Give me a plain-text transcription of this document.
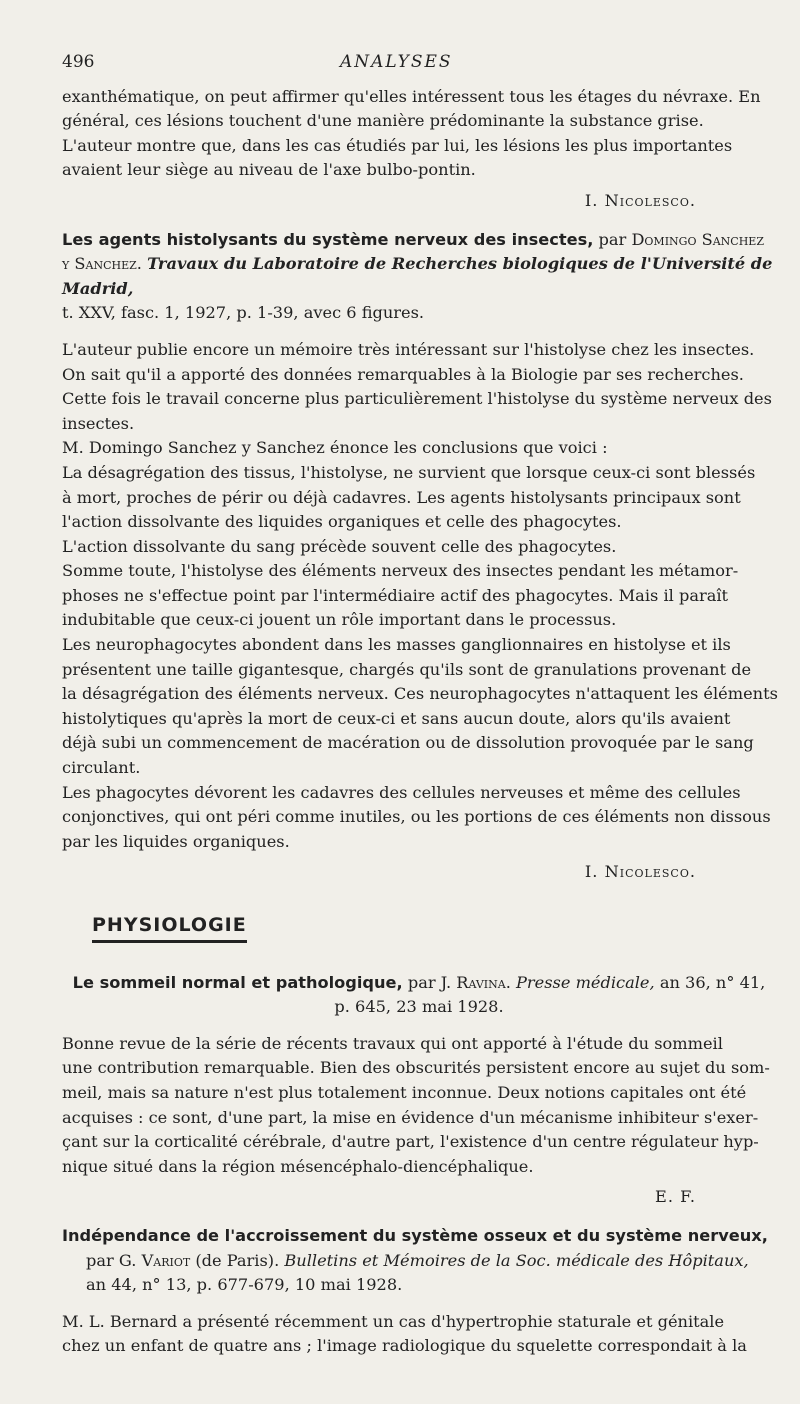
496	ANALYSES
exanthématique, on peut affirmer qu'elles intéressent tous les étages du névraxe. En
général, ces lésions touchent d'une manière prédominante la substance grise.
L'auteur montre que, dans les cas étudiés par lui, les lésions les plus importantes
avaient leur siège au niveau de l'axe bulbo-pontin.
I. Nicolesco.
Les agents histolysants du système nerveux des insectes, par Domingo Sanchez y Sanchez. Travaux du Laboratoire de Recherches biologiques de l'Université de Madrid,
t. XXV, fasc. 1, 1927, p. 1-39, avec 6 figures.
L'auteur publie encore un mémoire très intéressant sur l'histolyse chez les insectes.
On sait qu'il a apporté des données remarquables à la Biologie par ses recherches.
Cette fois le travail concerne plus particulièrement l'histolyse du système nerveux des
insectes.
M. Domingo Sanchez y Sanchez énonce les conclusions que voici :
La désagrégation des tissus, l'histolyse, ne survient que lorsque ceux-ci sont blessés
à mort, proches de périr ou déjà cadavres. Les agents histolysants principaux sont
l'action dissolvante des liquides organiques et celle des phagocytes.
L'action dissolvante du sang précède souvent celle des phagocytes.
Somme toute, l'histolyse des éléments nerveux des insectes pendant les métamor-
phoses ne s'effectue point par l'intermédiaire actif des phagocytes. Mais il paraît
indubitable que ceux-ci jouent un rôle important dans le processus.
Les neurophagocytes abondent dans les masses ganglionnaires en histolyse et ils
présentent une taille gigantesque, chargés qu'ils sont de granulations provenant de
la désagrégation des éléments nerveux. Ces neurophagocytes n'attaquent les éléments
histolytiques qu'après la mort de ceux-ci et sans aucun doute, alors qu'ils avaient
déjà subi un commencement de macération ou de dissolution provoquée par le sang
circulant.
Les phagocytes dévorent les cadavres des cellules nerveuses et même des cellules
conjonctives, qui ont péri comme inutiles, ou les portions de ces éléments non dissous
par les liquides organiques.
I. Nicolesco.
PHYSIOLOGIE
Le sommeil normal et pathologique, par J. Ravina. Presse médicale, an 36, n° 41,
p. 645, 23 mai 1928.
Bonne revue de la série de récents travaux qui ont apporté à l'étude du sommeil
une contribution remarquable. Bien des obscurités persistent encore au sujet du som-
meil, mais sa nature n'est plus totalement inconnue. Deux notions capitales ont été
acquises : ce sont, d'une part, la mise en évidence d'un mécanisme inhibiteur s'exer-
çant sur la corticalité cérébrale, d'autre part, l'existence d'un centre régulateur hyp-
nique situé dans la région mésencéphalo-diencéphalique.
E. F.
Indépendance de l'accroissement du système osseux et du système nerveux,
par G. Variot (de Paris). Bulletins et Mémoires de la Soc. médicale des Hôpitaux,
an 44, n° 13, p. 677-679, 10 mai 1928.
M. L. Bernard a présenté récemment un cas d'hypertrophie staturale et génitale
chez un enfant de quatre ans ; l'image radiologique du squelette correspondait à la
